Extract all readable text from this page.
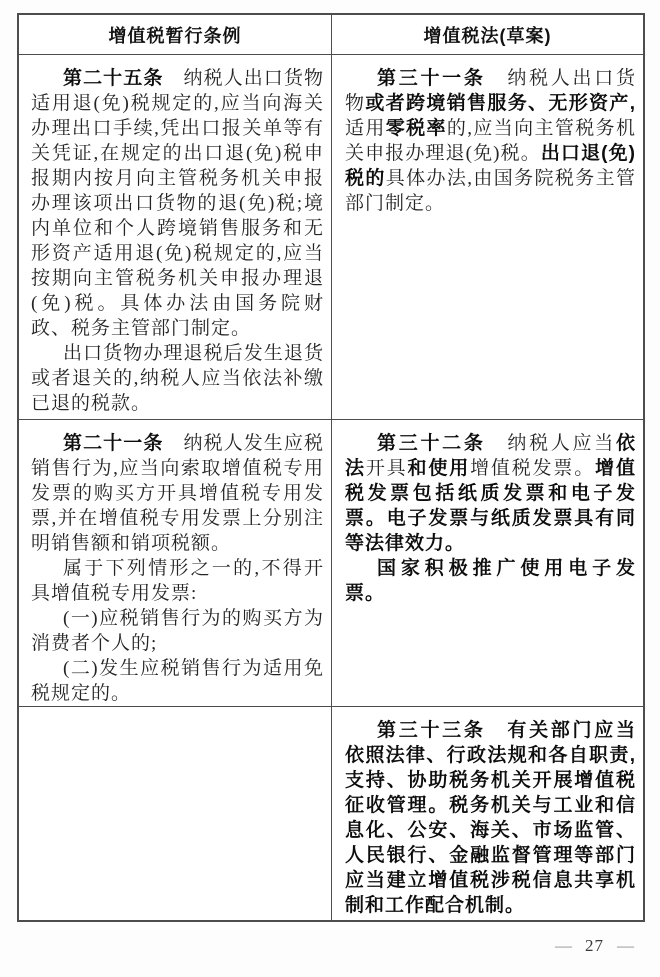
增值税暂行条例	增值税法(草案)

第二十五条　纳税人出口货物适用退(免)税规定的,应当向海关办理出口手续,凭出口报关单等有关凭证,在规定的出口退(免)税申报期内按月向主管税务机关申报办理该项出口货物的退(免)税;境内单位和个人跨境销售服务和无形资产适用退(免)税规定的,应当按期向主管税务机关申报办理退(免)税。具体办法由国务院财政、税务主管部门制定。

出口货物办理退税后发生退货或者退关的,纳税人应当依法补缴已退的税款。

第三十一条　纳税人出口货物或者跨境销售服务、无形资产,适用零税率的,应当向主管税务机关申报办理退(免)税。出口退(免)税的具体办法,由国务院税务主管部门制定。

第二十一条　纳税人发生应税销售行为,应当向索取增值税专用发票的购买方开具增值税专用发票,并在增值税专用发票上分别注明销售额和销项税额。

属于下列情形之一的,不得开具增值税专用发票:

(一)应税销售行为的购买方为消费者个人的;

(二)发生应税销售行为适用免税规定的。

第三十二条　纳税人应当依法开具和使用增值税发票。增值税发票包括纸质发票和电子发票。电子发票与纸质发票具有同等法律效力。

国家积极推广使用电子发票。

第三十三条　有关部门应当依照法律、行政法规和各自职责,支持、协助税务机关开展增值税征收管理。税务机关与工业和信息化、公安、海关、市场监管、人民银行、金融监督管理等部门应当建立增值税涉税信息共享机制和工作配合机制。

— 27 —
